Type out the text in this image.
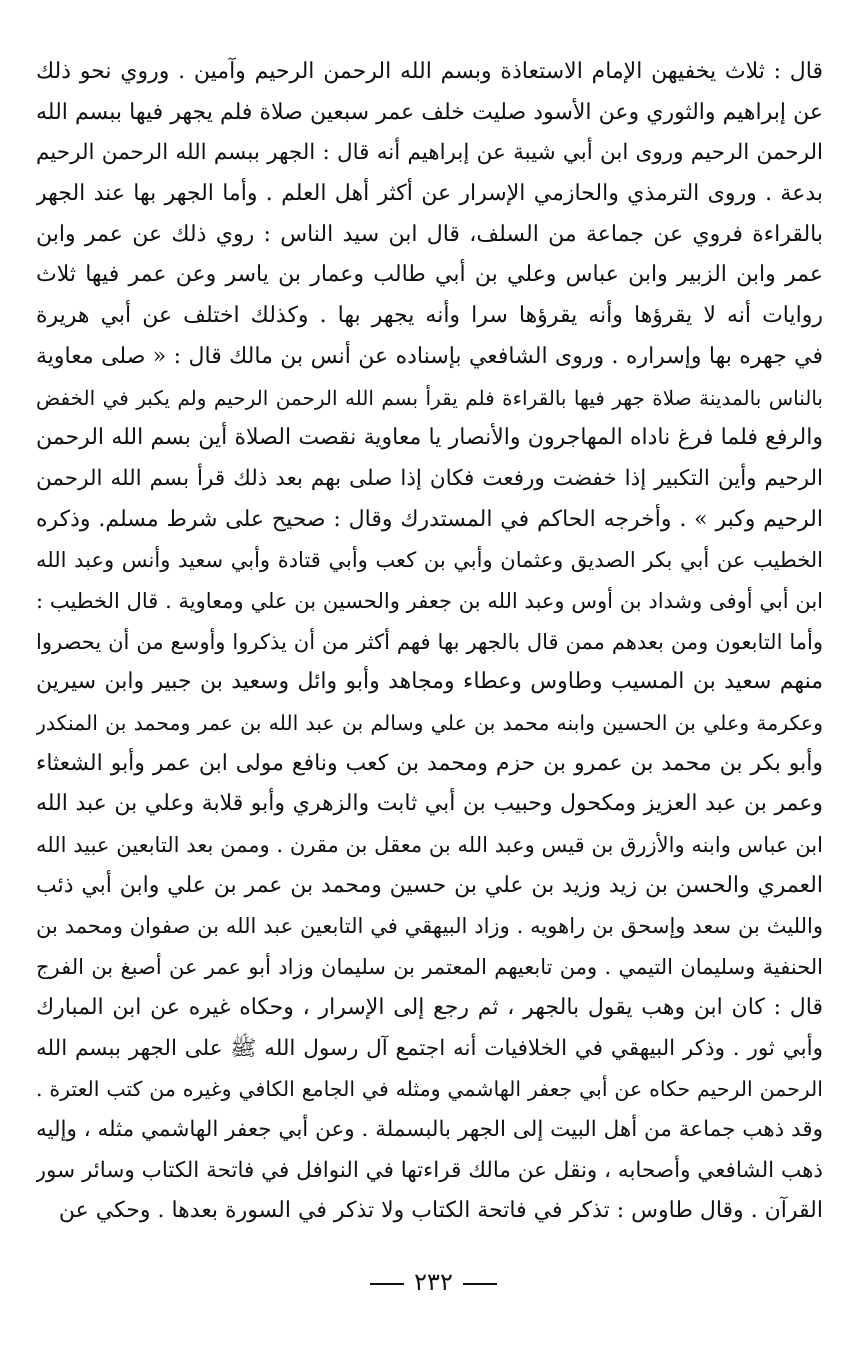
قال : ثلاث يخفيهن الإمام الاستعاذة وبسم الله الرحمن الرحيم وآمين . وروي نحو ذلك
عن إبراهيم والثوري وعن الأسود صليت خلف عمر سبعين صلاة فلم يجهر فيها ببسم الله
الرحمن الرحيم وروى ابن أبي شيبة عن إبراهيم أنه قال : الجهر ببسم الله الرحمن الرحيم
بدعة . وروى الترمذي والحازمي الإسرار عن أكثر أهل العلم . وأما الجهر بها عند الجهر
بالقراءة فروي عن جماعة من السلف، قال ابن سيد الناس : روي ذلك عن عمر وابن
عمر وابن الزبير وابن عباس وعلي بن أبي طالب وعمار بن ياسر وعن عمر فيها ثلاث
روايات أنه لا يقرؤها وأنه يقرؤها سرا وأنه يجهر بها . وكذلك اختلف عن أبي هريرة
في جهره بها وإسراره . وروى الشافعي بإسناده عن أنس بن مالك قال : « صلى معاوية
بالناس بالمدينة صلاة جهر فيها بالقراءة فلم يقرأ بسم الله الرحمن الرحيم ولم يكبر في الخفض
والرفع فلما فرغ ناداه المهاجرون والأنصار يا معاوية نقصت الصلاة أين بسم الله الرحمن
الرحيم وأين التكبير إذا خفضت ورفعت فكان إذا صلى بهم بعد ذلك قرأ بسم الله الرحمن
الرحيم وكبر » . وأخرجه الحاكم في المستدرك وقال : صحيح على شرط مسلم. وذكره
الخطيب عن أبي بكر الصديق وعثمان وأبي بن كعب وأبي قتادة وأبي سعيد وأنس وعبد الله
ابن أبي أوفى وشداد بن أوس وعبد الله بن جعفر والحسين بن علي ومعاوية . قال الخطيب :
وأما التابعون ومن بعدهم ممن قال بالجهر بها فهم أكثر من أن يذكروا وأوسع من أن يحصروا
منهم سعيد بن المسيب وطاوس وعطاء ومجاهد وأبو وائل وسعيد بن جبير وابن سيرين
وعكرمة وعلي بن الحسين وابنه محمد بن علي وسالم بن عبد الله بن عمر ومحمد بن المنكدر
وأبو بكر بن محمد بن عمرو بن حزم ومحمد بن كعب ونافع مولى ابن عمر وأبو الشعثاء
وعمر بن عبد العزيز ومكحول وحبيب بن أبي ثابت والزهري وأبو قلابة وعلي بن عبد الله
ابن عباس وابنه والأزرق بن قيس وعبد الله بن معقل بن مقرن . وممن بعد التابعين عبيد الله
العمري والحسن بن زيد وزيد بن علي بن حسين ومحمد بن عمر بن علي وابن أبي ذئب
والليث بن سعد وإسحق بن راهويه . وزاد البيهقي في التابعين عبد الله بن صفوان ومحمد بن
الحنفية وسليمان التيمي . ومن تابعيهم المعتمر بن سليمان وزاد أبو عمر عن أصبغ بن الفرج
قال : كان ابن وهب يقول بالجهر ، ثم رجع إلى الإسرار ، وحكاه غيره عن ابن المبارك
وأبي ثور . وذكر البيهقي في الخلافيات أنه اجتمع آل رسول الله ﷺ على الجهر ببسم الله
الرحمن الرحيم حكاه عن أبي جعفر الهاشمي ومثله في الجامع الكافي وغيره من كتب العترة .
وقد ذهب جماعة من أهل البيت إلى الجهر بالبسملة . وعن أبي جعفر الهاشمي مثله ، وإليه
ذهب الشافعي وأصحابه ، ونقل عن مالك قراءتها في النوافل في فاتحة الكتاب وسائر سور
القرآن . وقال طاوس : تذكر في فاتحة الكتاب ولا تذكر في السورة بعدها . وحكي عن
٢٣٢
